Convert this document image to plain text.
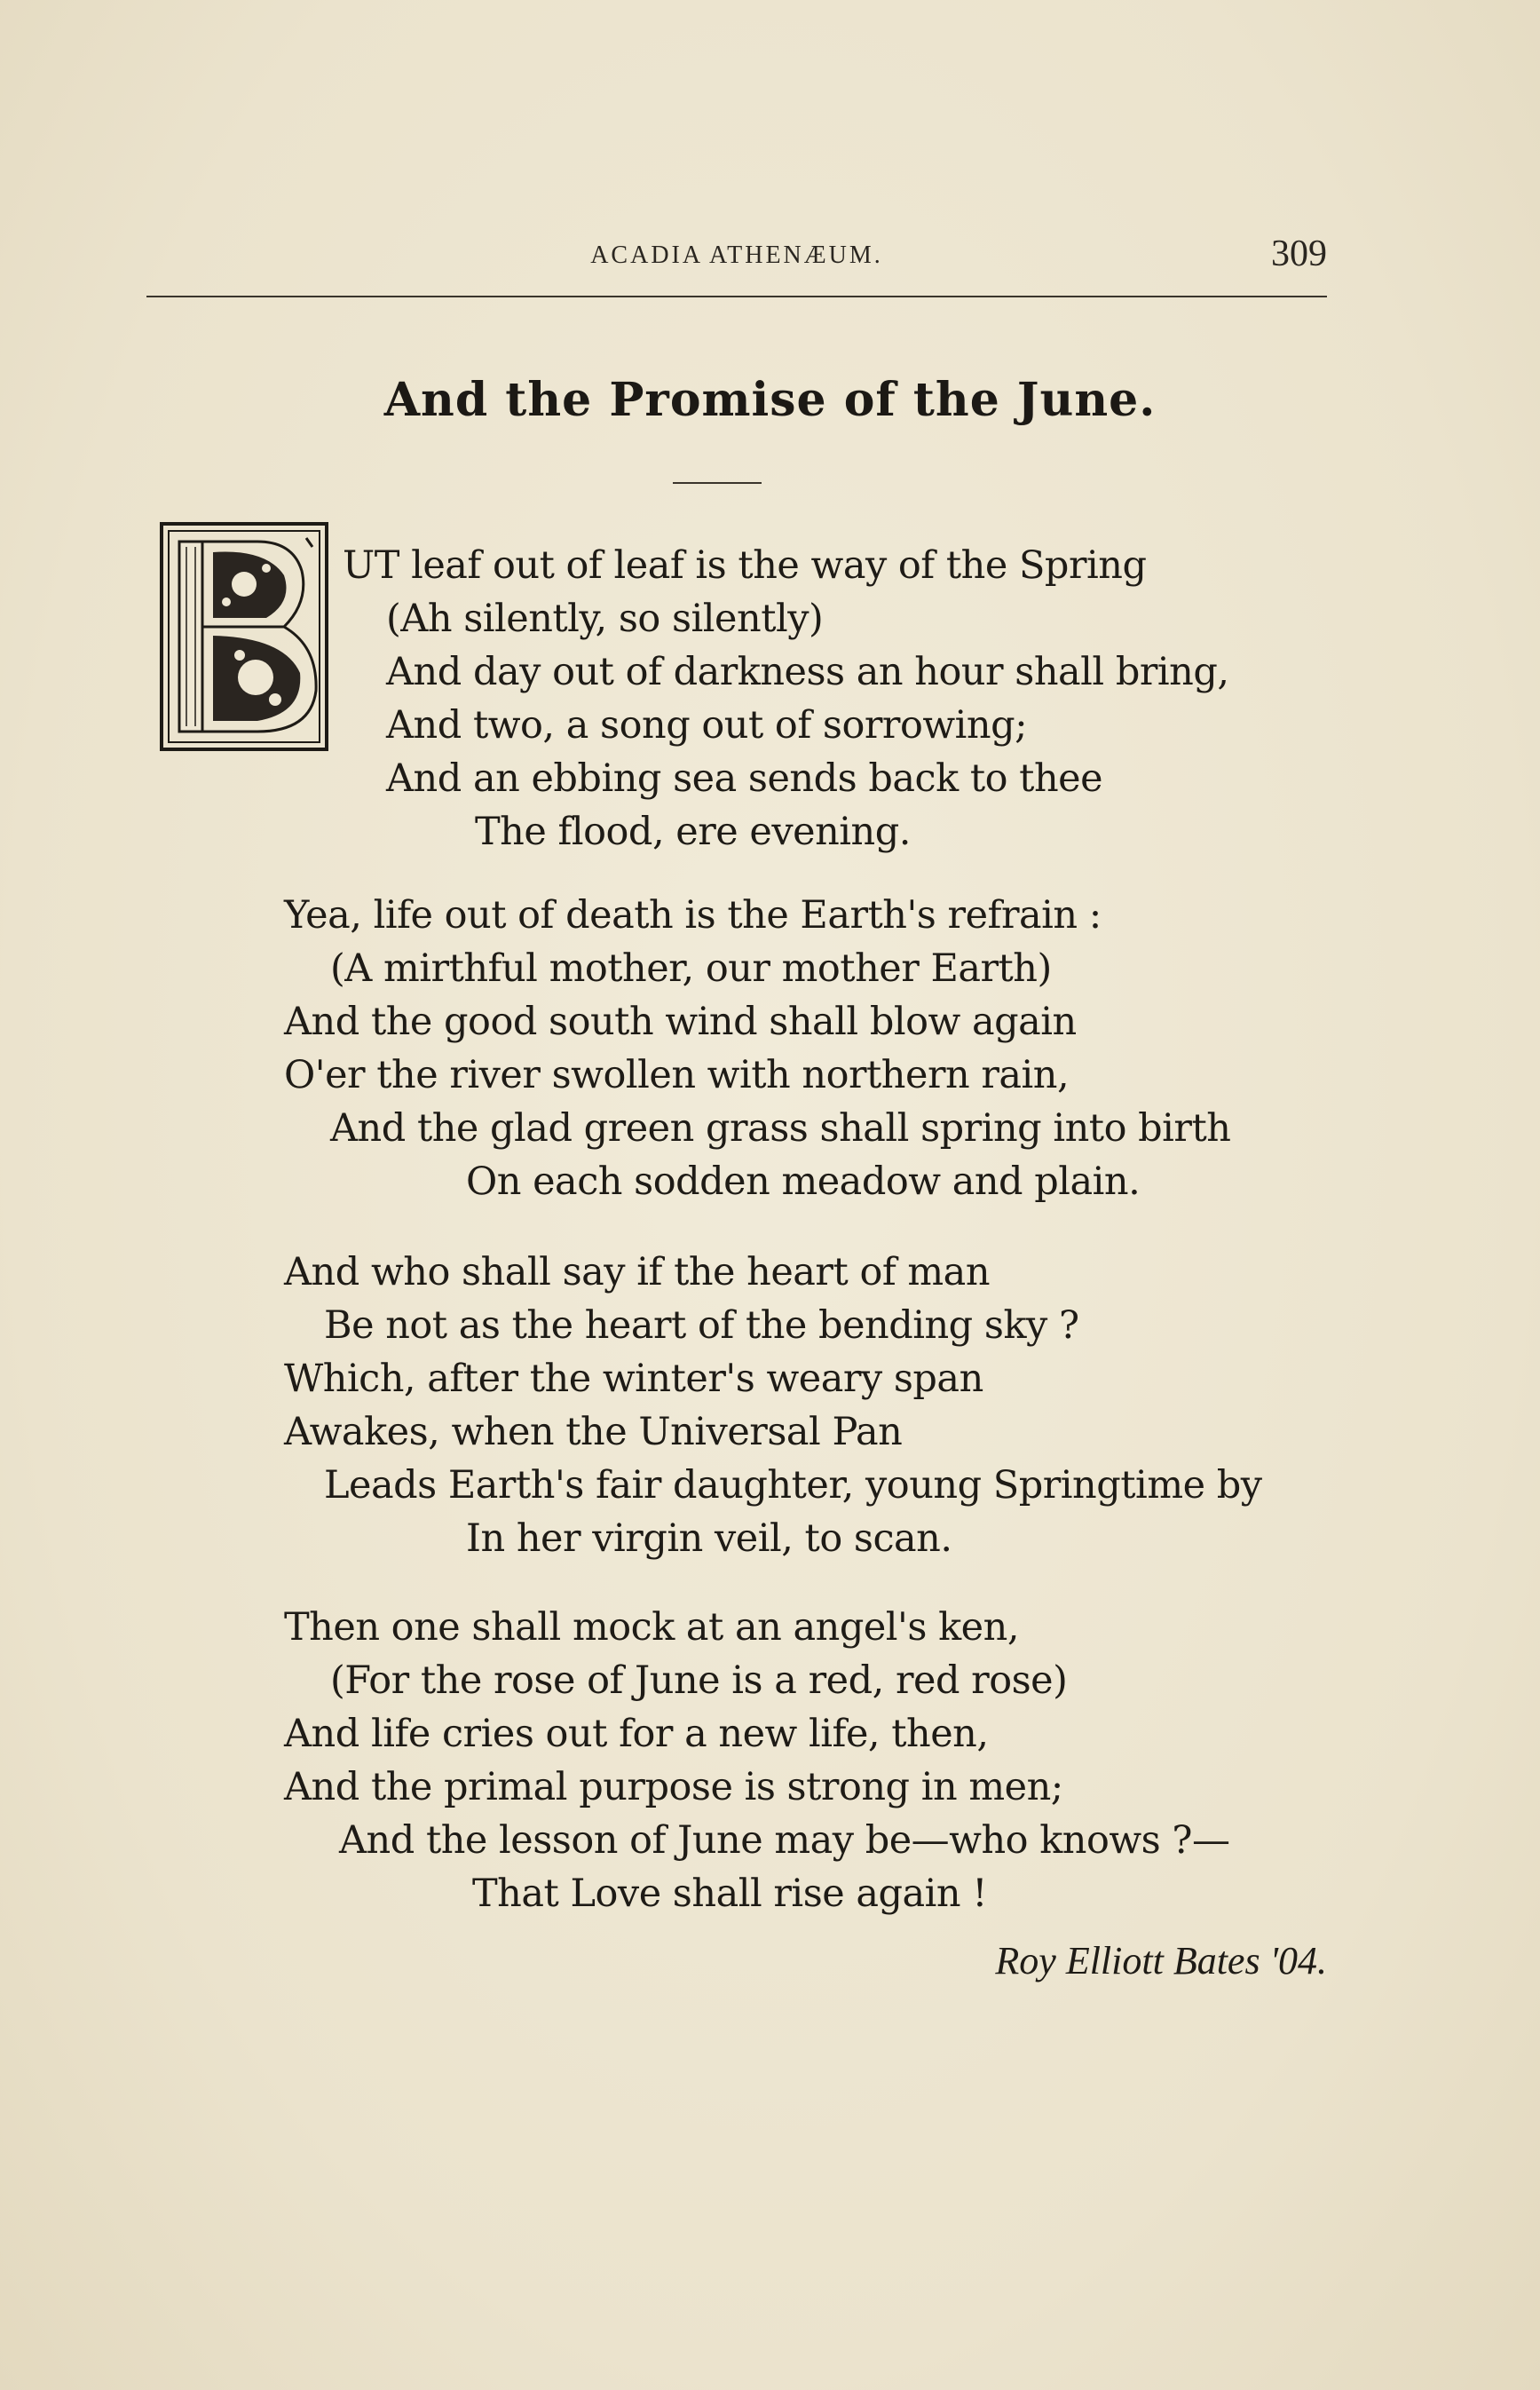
ACADIA ATHENÆUM.	309
And the Promise of the June.
UT leaf out of leaf is the way of the Spring
(Ah silently, so silently)
And day out of darkness an hour shall bring,
And two, a song out of sorrowing;
And an ebbing sea sends back to thee
The flood, ere evening.
Yea, life out of death is the Earth's refrain :
(A mirthful mother, our mother Earth)
And the good south wind shall blow again
O'er the river swollen with northern rain,
And the glad green grass shall spring into birth
On each sodden meadow and plain.
And who shall say if the heart of man
Be not as the heart of the bending sky ?
Which, after the winter's weary span
Awakes, when the Universal Pan
Leads Earth's fair daughter, young Springtime by
In her virgin veil, to scan.
Then one shall mock at an angel's ken,
(For the rose of June is a red, red rose)
And life cries out for a new life, then,
And the primal purpose is strong in men;
And the lesson of June may be—who knows ?—
That Love shall rise again !
Roy Elliott Bates '04.
